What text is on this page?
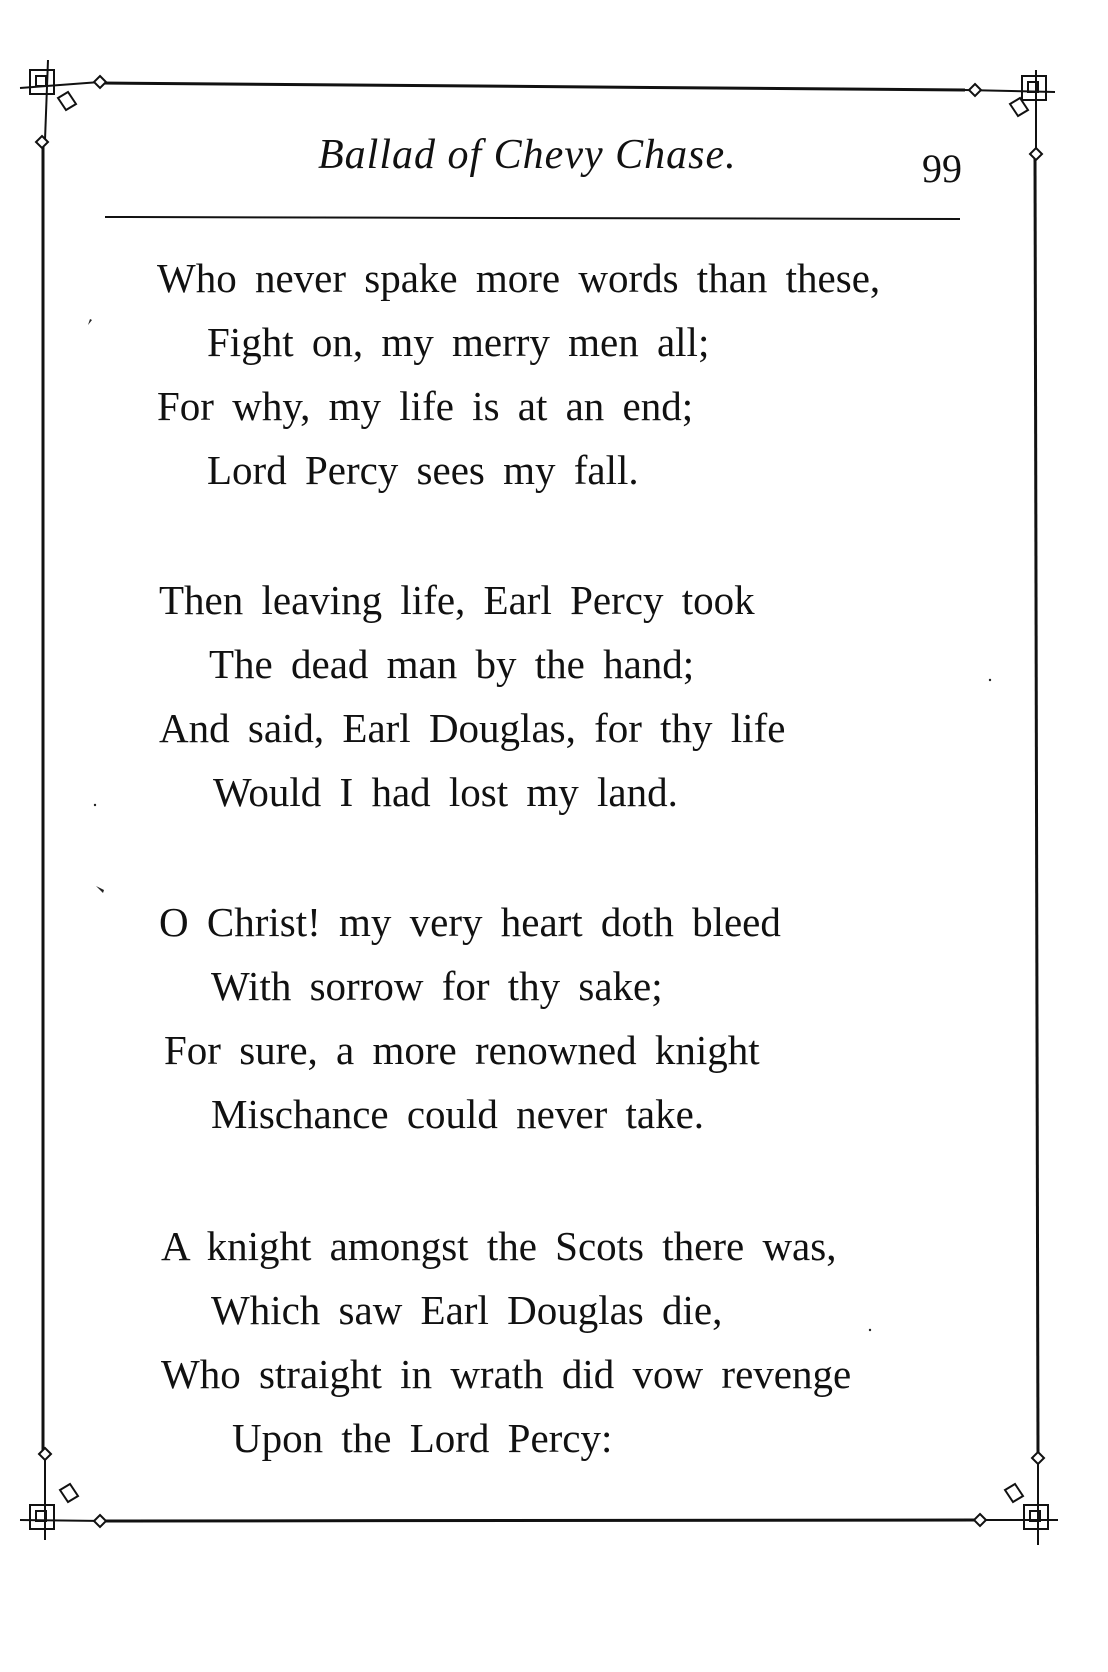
Ballad of Chevy Chase.	99
Who never spake more words than these,
Fight on, my merry men all;
For why, my life is at an end;
Lord Percy sees my fall.
Then leaving life, Earl Percy took
The dead man by the hand;
And said, Earl Douglas, for thy life
Would I had lost my land.
O Christ! my very heart doth bleed
With sorrow for thy sake;
For sure, a more renowned knight
Mischance could never take.
A knight amongst the Scots there was,
Which saw Earl Douglas die,
Who straight in wrath did vow revenge
Upon the Lord Percy:
